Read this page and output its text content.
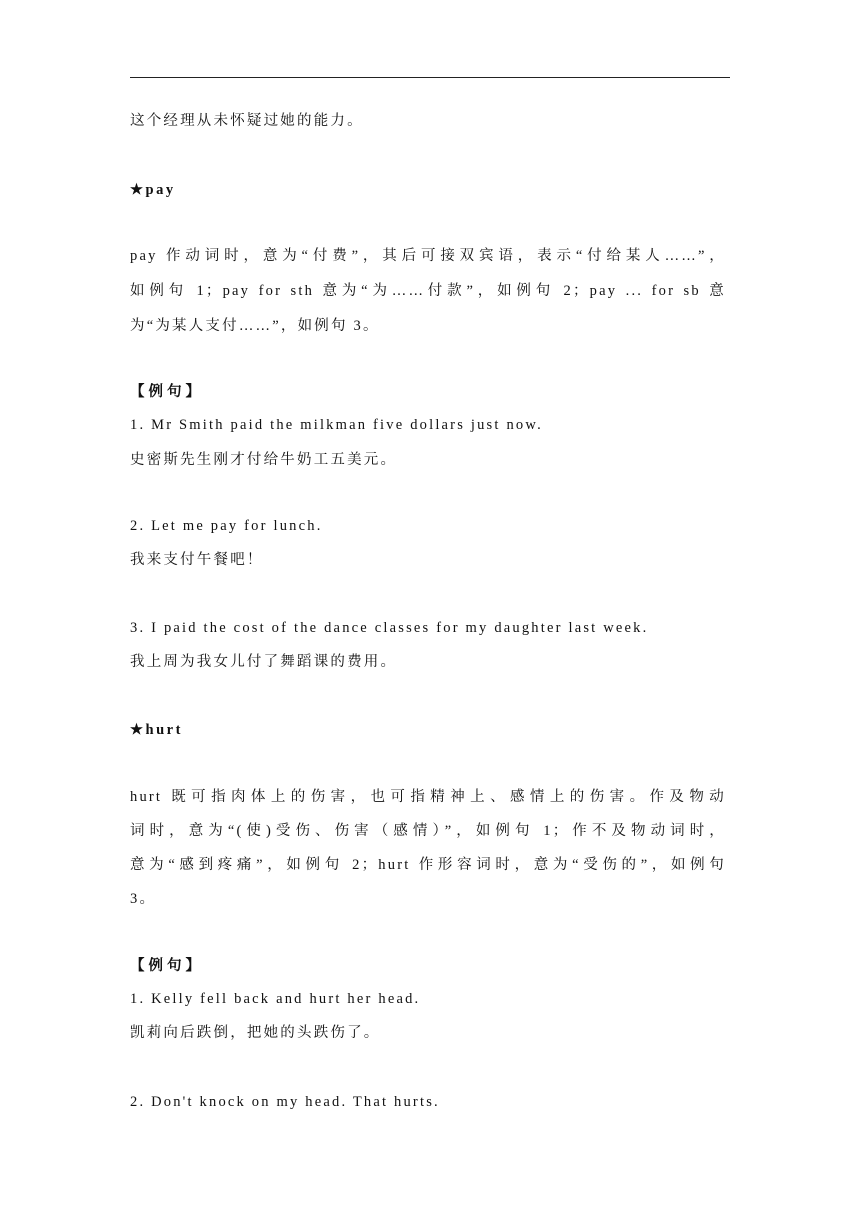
这个经理从未怀疑过她的能力。
★pay
pay 作动词时，意为“付费”，其后可接双宾语，表示“付给某人……”，
如例句 1；pay for sth 意为“为……付款”，如例句 2；pay ... for sb 意
为“为某人支付……”，如例句 3。
【例句】
1. Mr Smith paid the milkman five dollars just now.
史密斯先生刚才付给牛奶工五美元。
2. Let me pay for lunch.
我来支付午餐吧！
3. I paid the cost of the dance classes for my daughter last week.
我上周为我女儿付了舞蹈课的费用。
★hurt
hurt 既可指肉体上的伤害，也可指精神上、感情上的伤害。作及物动
词时，意为“(使)受伤、伤害（感情）”，如例句 1；作不及物动词时，
意为“感到疼痛”，如例句 2；hurt 作形容词时，意为“受伤的”，如例句
3。
【例句】
1. Kelly fell back and hurt her head.
凯莉向后跌倒，把她的头跌伤了。
2. Don't knock on my head. That hurts.
